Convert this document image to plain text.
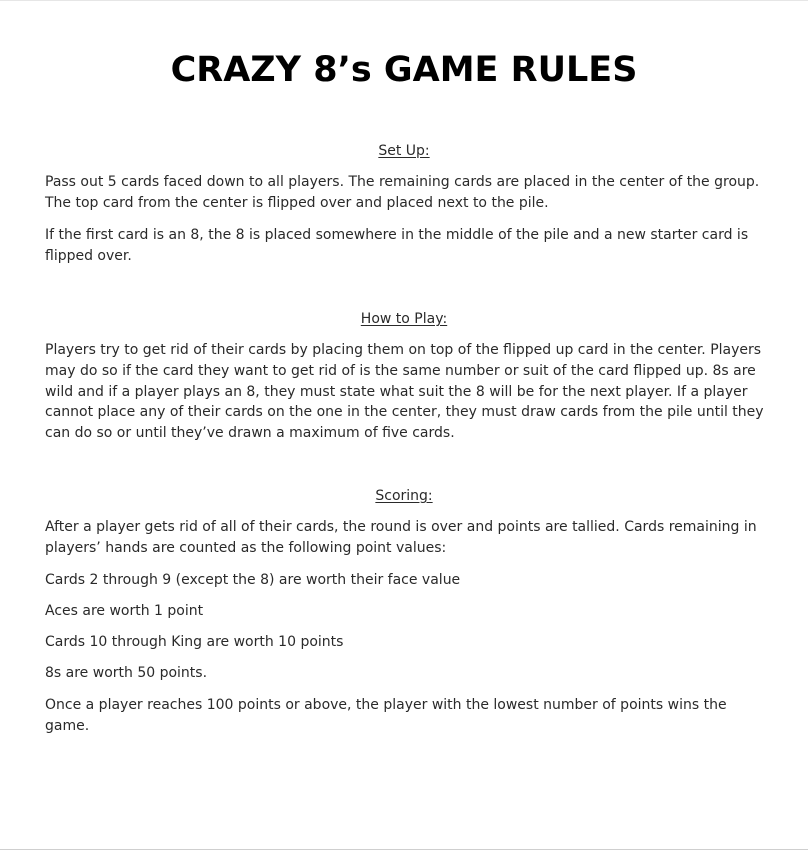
CRAZY 8’s GAME RULES
Set Up:

Pass out 5 cards faced down to all players. The remaining cards are placed in the center of the group. The top card from the center is flipped over and placed next to the pile.

If the first card is an 8, the 8 is placed somewhere in the middle of the pile and a new starter card is flipped over.

How to Play:

Players try to get rid of their cards by placing them on top of the flipped up card in the center. Players may do so if the card they want to get rid of is the same number or suit of the card flipped up. 8s are wild and if a player plays an 8, they must state what suit the 8 will be for the next player. If a player cannot place any of their cards on the one in the center, they must draw cards from the pile until they can do so or until they’ve drawn a maximum of five cards.

Scoring:

After a player gets rid of all of their cards, the round is over and points are tallied. Cards remaining in players’ hands are counted as the following point values:

Cards 2 through 9 (except the 8) are worth their face value

Aces are worth 1 point

Cards 10 through King are worth 10 points

8s are worth 50 points.

Once a player reaches 100 points or above, the player with the lowest number of points wins the game.
